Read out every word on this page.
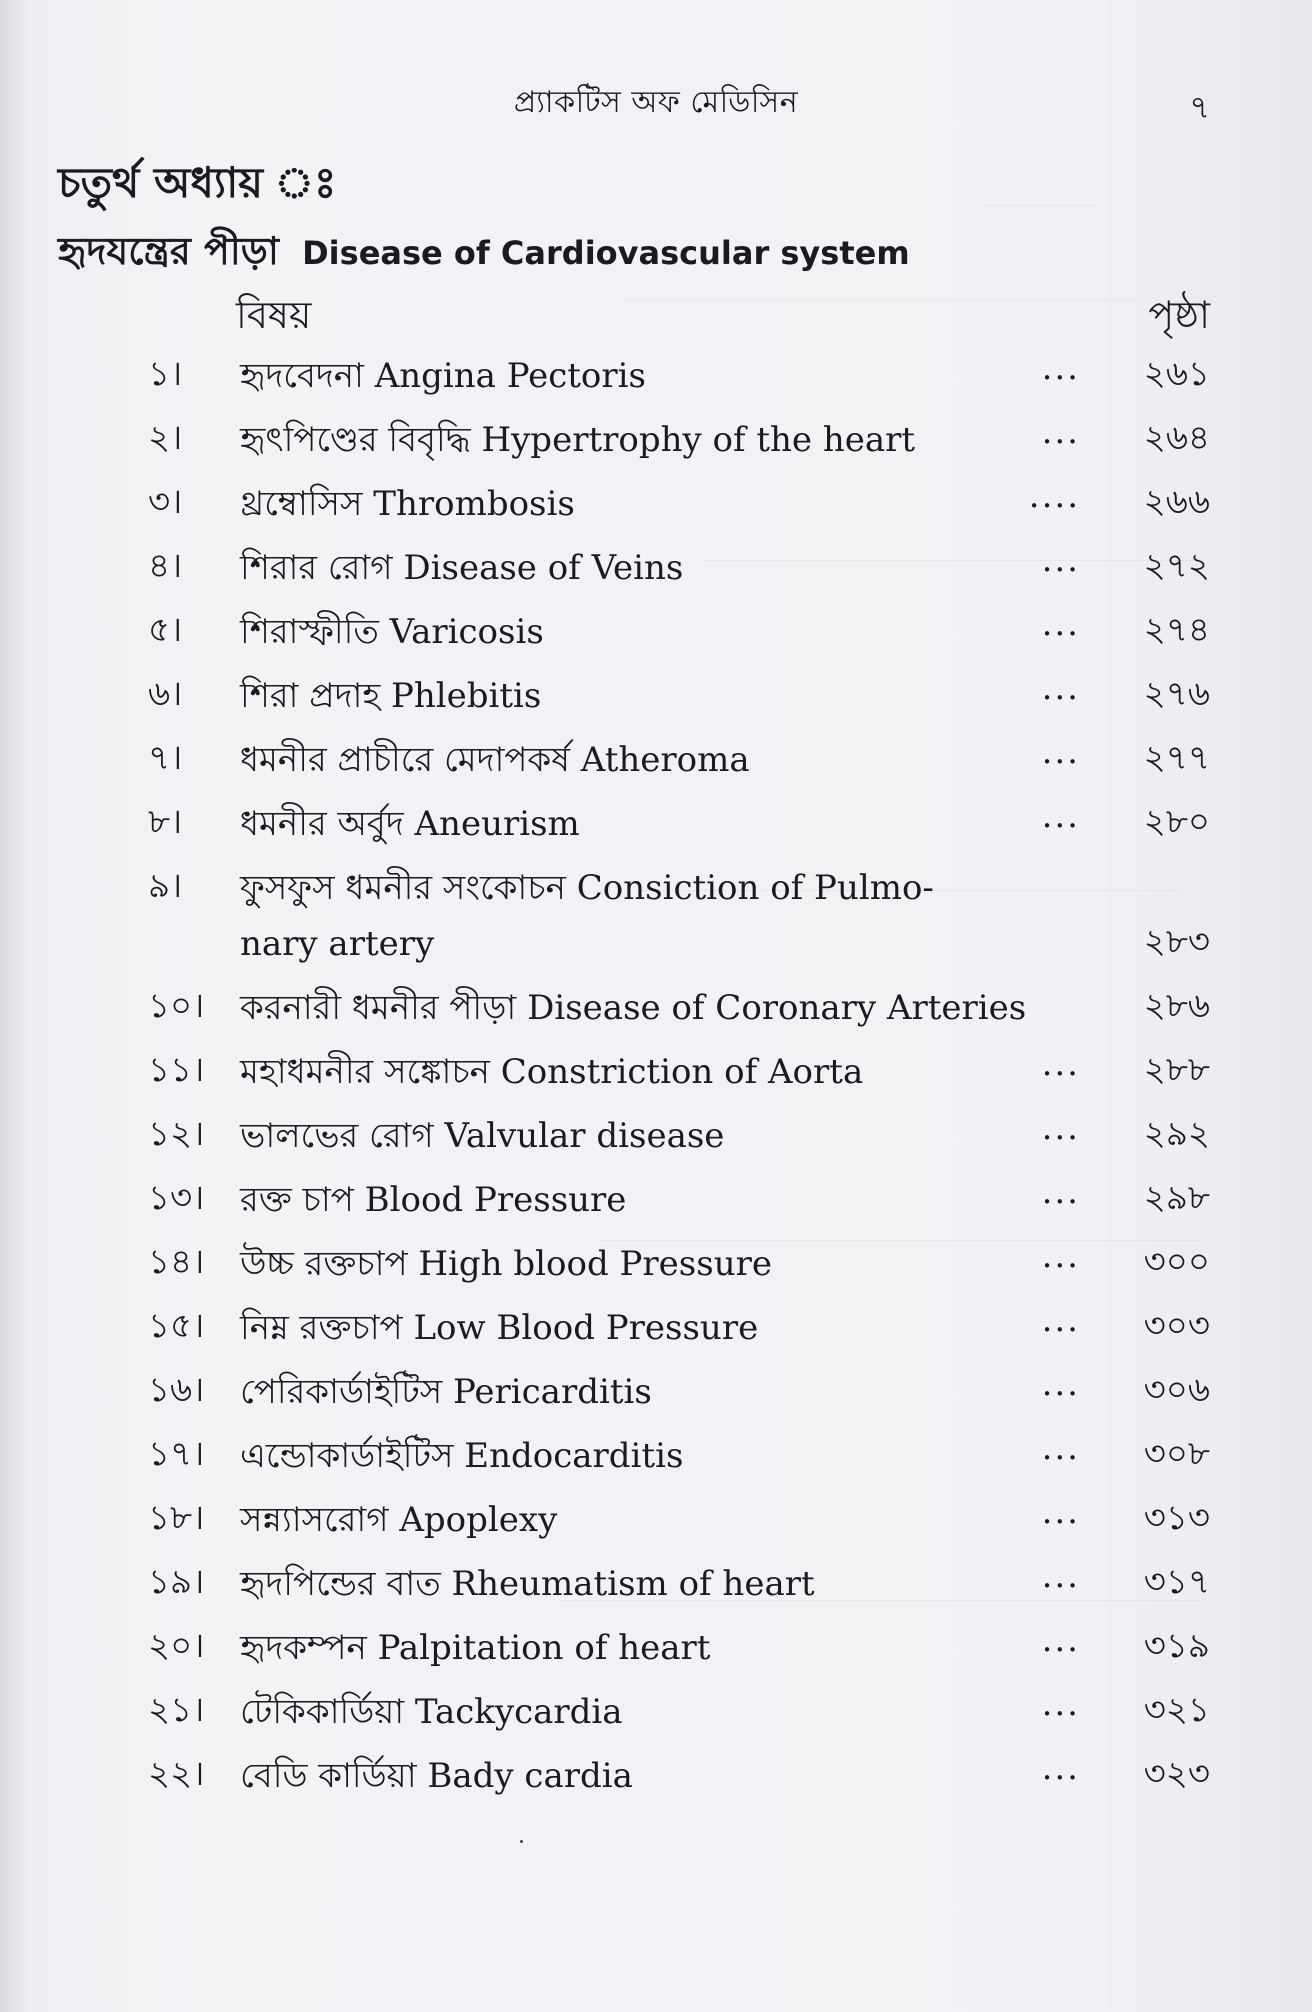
প্র্যাকটিস অফ মেডিসিন	৭
চতুর্থ অধ্যায় ঃ
হৃদযন্ত্রের পীড়া Disease of Cardiovascular system
বিষয়	পৃষ্ঠা
১। হৃদবেদনা Angina Pectoris	... ২৬১
২। হৃৎপিণ্ডের বিবৃদ্ধি Hypertrophy of the heart	... ২৬৪
৩। থ্রম্বোসিস Thrombosis	.... ২৬৬
৪। শিরার রোগ Disease of Veins	... ২৭২
৫। শিরাস্ফীতি Varicosis	... ২৭৪
৬। শিরা প্রদাহ Phlebitis	... ২৭৬
৭। ধমনীর প্রাচীরে মেদাপকর্ষ Atheroma	... ২৭৭
৮। ধমনীর অর্বুদ Aneurism	... ২৮০
৯। ফুসফুস ধমনীর সংকোচন Consiction of Pulmo-
nary artery	২৮৩
১০। করনারী ধমনীর পীড়া Disease of Coronary Arteries	২৮৬
১১। মহাধমনীর সঙ্কোচন Constriction of Aorta	... ২৮৮
১২। ভালভের রোগ Valvular disease	... ২৯২
১৩। রক্ত চাপ Blood Pressure	... ২৯৮
১৪। উচ্চ রক্তচাপ High blood Pressure	... ৩০০
১৫। নিম্ন রক্তচাপ Low Blood Pressure	... ৩০৩
১৬। পেরিকার্ডাইটিস Pericarditis	... ৩০৬
১৭। এন্ডোকার্ডাইটিস Endocarditis	... ৩০৮
১৮। সন্ন্যাসরোগ Apoplexy	... ৩১৩
১৯। হৃদপিন্ডের বাত Rheumatism of heart	... ৩১৭
২০। হৃদকম্পন Palpitation of heart	... ৩১৯
২১। টেকিকার্ডিয়া Tackycardia	... ৩২১
২২। বেডি কার্ডিয়া Bady cardia	... ৩২৩
